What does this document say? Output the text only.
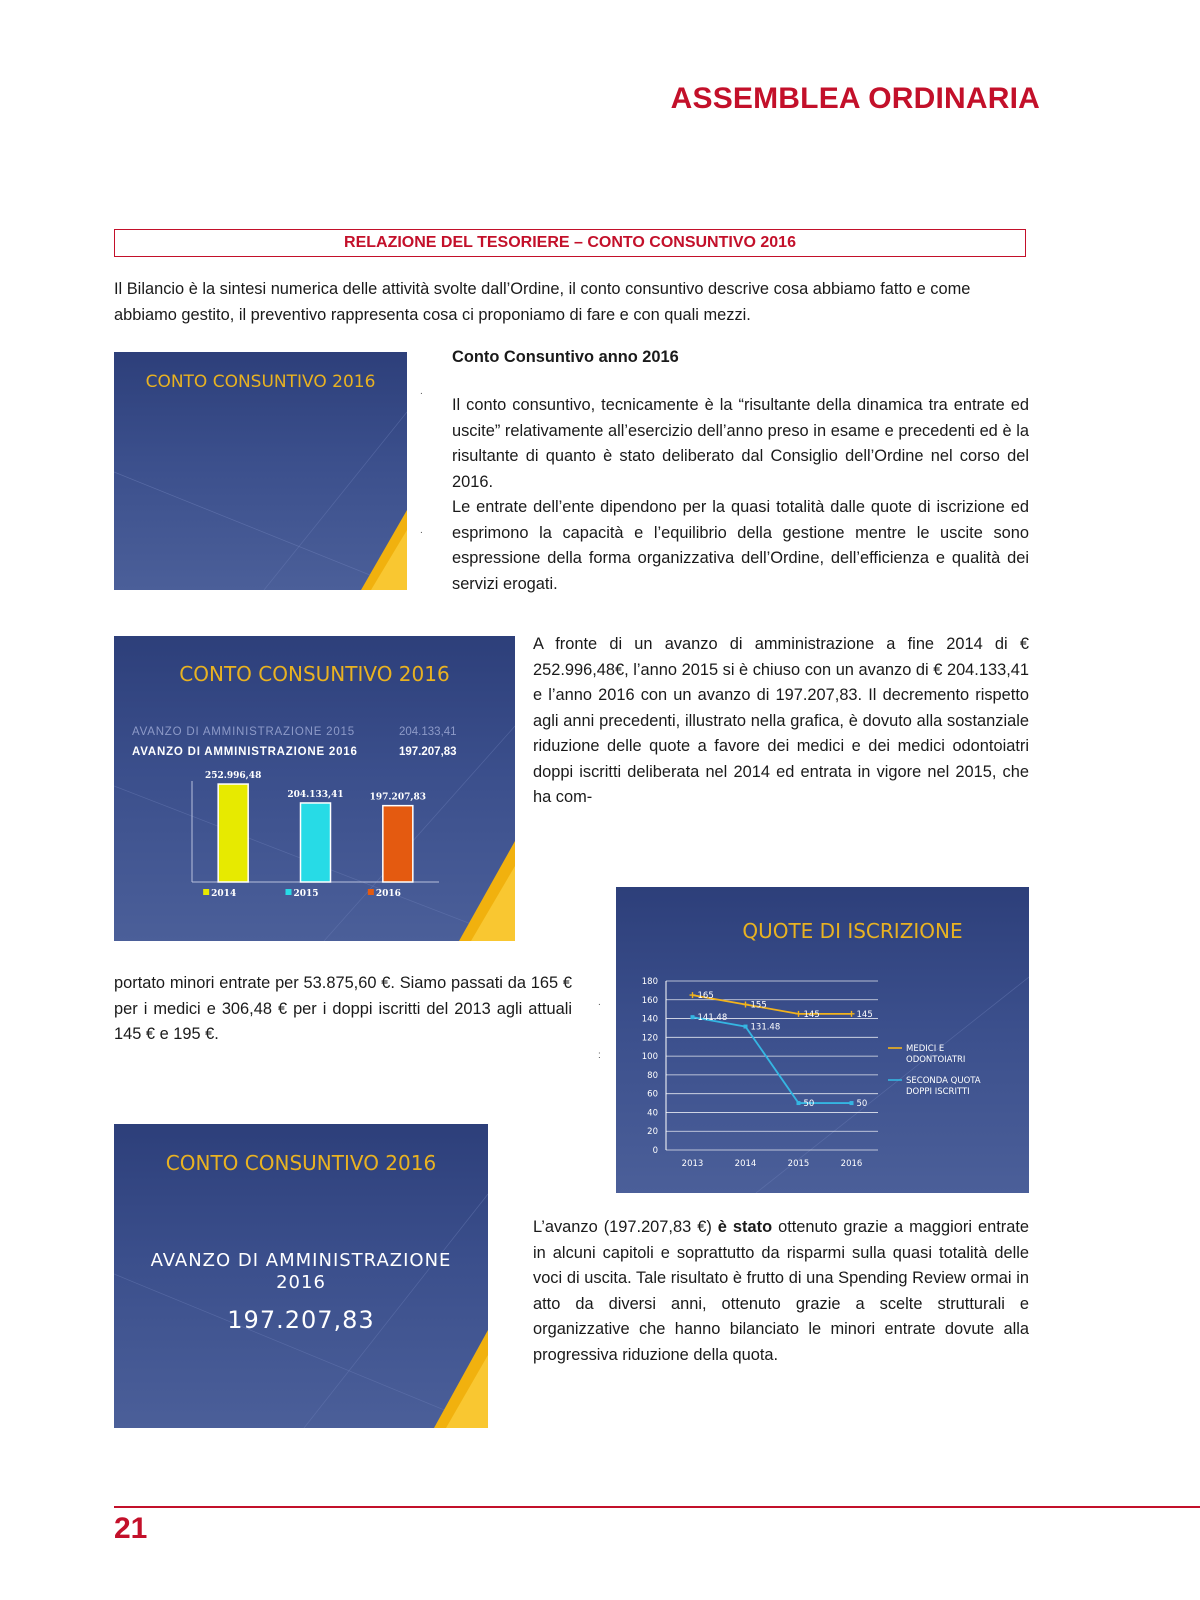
ASSEMBLEA ORDINARIA
RELAZIONE DEL TESORIERE – CONTO CONSUNTIVO 2016
Il Bilancio è la sintesi numerica delle attività svolte dall’Ordine, il conto consuntivo descrive cosa abbiamo fatto e come abbiamo gestito, il preventivo rappresenta cosa ci proponiamo di fare e con quali mezzi.
CONTO CONSUNTIVO 2016	.
.
Conto Consuntivo anno 2016
Il conto consuntivo, tecnicamente è la “risultante della dinamica tra entrate ed uscite” relativamente all’esercizio dell’anno preso in esame e precedenti ed è la risultante di quanto è stato deliberato dal Consiglio dell’Ordine nel corso del 2016.
Le entrate dell’ente dipendono per la quasi totalità dalle quote di iscrizione ed esprimono la capacità e l’equilibrio della gestione mentre le uscite sono espressione della forma organizzativa dell’Ordine, dell’efficienza e qualità dei servizi erogati.
CONTO CONSUNTIVO 2016
AVANZO DI AMMINISTRAZIONE 2015	204.133,41
AVANZO DI AMMINISTRAZIONE 2016	197.207,83
252.996,48
2014
204.133,41
2015
197.207,83
2016
A fronte di un avanzo di amministrazione a fine 2014 di € 252.996,48€, l’anno 2015 si è chiuso con un avanzo di € 204.133,41 e l’anno 2016 con un avanzo di 197.207,83. Il decremento rispetto agli anni precedenti, illustrato nella grafica, è dovuto alla sostanziale riduzione delle quote a favore dei medici e dei medici odontoiatri doppi iscritti deliberata nel 2014 ed entrata in vigore nel 2015, che ha com-
QUOTE DI ISCRIZIONE
0
20
40
60
80
100
120
140
160
180
2013	2014	2015	2016
165
155
145	145
141.48
131.48
50	50
MEDICI E ODONTOIATRI
SECONDA QUOTA DOPPI ISCRITTI
.
:
portato minori entrate per 53.875,60 €. Siamo passati da 165 € per i medici e 306,48 € per i doppi iscritti del 2013 agli attuali 145 € e 195 €.
CONTO CONSUNTIVO 2016
AVANZO DI AMMINISTRAZIONE
2016
197.207,83
L’avanzo (197.207,83 €) è stato ottenuto grazie a maggiori entrate in alcuni capitoli e soprattutto da risparmi sulla quasi totalità delle voci di uscita. Tale risultato è frutto di una Spending Review ormai in atto da diversi anni, ottenuto grazie a scelte strutturali e organizzative che hanno bilanciato le minori entrate dovute alla progressiva riduzione della quota.
21
